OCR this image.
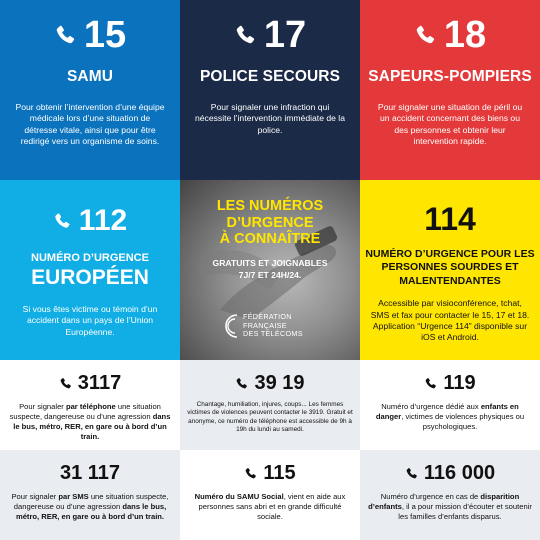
15
SAMU
Pour obtenir l’intervention d’une équipe médicale lors d’une situation de détresse vitale, ainsi que pour être redirigé vers un organisme de soins.
17
POLICE SECOURS
Pour signaler une infraction qui nécessite l’intervention immédiate de la police.
18
SAPEURS-POMPIERS
Pour signaler une situation de péril ou un accident concernant des biens ou des personnes et obtenir leur intervention rapide.
112
NUMÉRO D’URGENCE
EUROPÉEN
Si vous êtes victime ou témoin d’un accident dans un pays de l’Union Européenne.
LES NUMÉROS
D’URGENCE
À CONNAÎTRE
GRATUITS ET JOIGNABLES
7J/7 ET 24H/24.
FÉDÉRATION
FRANÇAISE
DES TÉLÉCOMS
114
NUMÉRO D’URGENCE POUR LES PERSONNES SOURDES ET MALENTENDANTES
Accessible par visioconférence, tchat, SMS et fax pour contacter le 15, 17 et 18. Application “Urgence 114” disponible sur iOS et Android.
3117
Pour signaler par téléphone une situation suspecte, dangereuse ou d’une agression dans le bus, métro, RER, en gare ou à bord d’un train.
39 19
Chantage, humiliation, injures, coups... Les femmes victimes de violences peuvent contacter le 3919. Gratuit et anonyme, ce numéro de téléphone est accessible de 9h à 19h du lundi au samedi.
119
Numéro d’urgence dédié aux enfants en danger, victimes de violences physiques ou psychologiques.
31 117
Pour signaler par SMS une situation suspecte, dangereuse ou d’une agression dans le bus, métro, RER, en gare ou à bord d’un train.
115
Numéro du SAMU Social, vient en aide aux personnes sans abri et en grande difficulté sociale.
116 000
Numéro d’urgence en cas de disparition d’enfants, il a pour mission d’écouter et soutenir les familles d’enfants disparus.
